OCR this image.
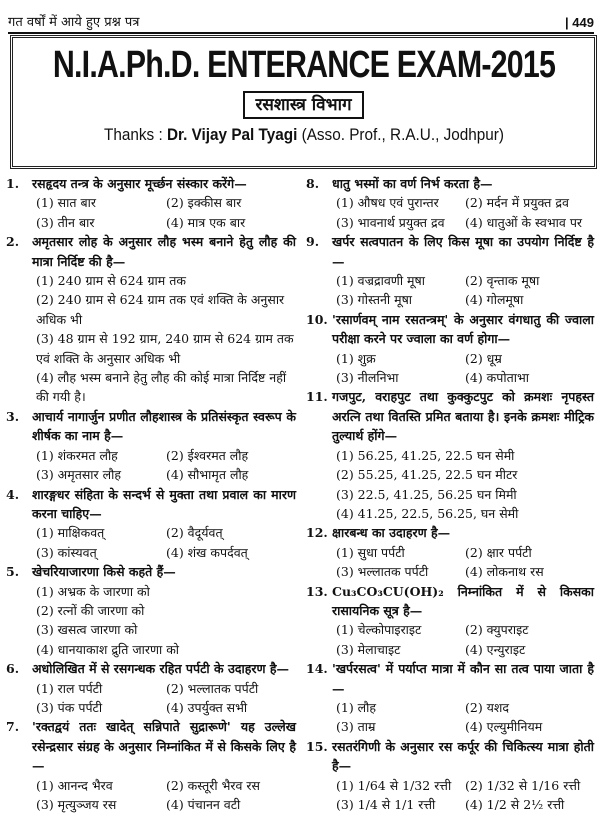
गत वर्षों में आये हुए प्रश्न पत्र	| 449
N.I.A.Ph.D. ENTERANCE EXAM-2015
रसशास्त्र विभाग
Thanks : Dr. Vijay Pal Tyagi (Asso. Prof., R.A.U., Jodhpur)
1.	रसहृदय तन्त्र के अनुसार मूर्च्छन संस्कार करेंगे—
(1) सात बार	(2) इक्कीस बार
(3) तीन बार	(4) मात्र एक बार
2.	अमृतसार लोह के अनुसार लौह भस्म बनाने हेतु लौह की मात्रा निर्दिष्ट की है—
(1) 240 ग्राम से 624 ग्राम तक
(2) 240 ग्राम से 624 ग्राम तक एवं शक्ति के अनुसार अधिक भी
(3) 48 ग्राम से 192 ग्राम, 240 ग्राम से 624 ग्राम तक एवं शक्ति के अनुसार अधिक भी
(4) लौह भस्म बनाने हेतु लौह की कोई मात्रा निर्दिष्ट नहीं की गयी है।
3.	आचार्य नागार्जुन प्रणीत लौहशास्त्र के प्रतिसंस्कृत स्वरूप के शीर्षक का नाम है—
(1) शंकरमत लौह	(2) ईश्वरमत लौह
(3) अमृतसार लौह	(4) सौभामृत लौह
4.	शारङ्गधर संहिता के सन्दर्भ से मुक्ता तथा प्रवाल का मारण करना चाहिए—
(1) माक्षिकवत्	(2) वैदूर्यवत्
(3) कांस्यवत्	(4) शंख कपर्दवत्
5.	खेचरियाजारणा किसे कहते हैं—
(1) अभ्रक के जारणा को
(2) रत्नों की जारणा को
(3) खसत्व जारणा को
(4) धानयाकाश द्रुति जारणा को
6.	अधोलिखित में से रसगन्धक रहित पर्पटी के उदाहरण है—
(1) राल पर्पटी	(2) भल्लातक पर्पटी
(3) पंक पर्पटी	(4) उपर्युक्त सभी
7.	'रक्तद्वयं ततः खादेत् सन्निपाते सुद्रारूणे' यह उल्लेख रसेन्द्रसार संग्रह के अनुसार निम्नांकित में से किसके लिए है—
(1) आनन्द भैरव	(2) कस्तूरी भैरव रस
(3) मृत्युञ्जय रस	(4) पंचानन वटी
8.	धातु भस्मों का वर्ण निर्भ करता है—
(1) औषध एवं पुरान्तर	(2) मर्दन में प्रयुक्त द्रव
(3) भावनार्थ प्रयुक्त द्रव	(4) धातुओं के स्वभाव पर
9.	खर्पर सत्वपातन के लिए किस मूषा का उपयोग निर्दिष्ट है—
(1) वज्रद्रावणी मूषा	(2) वृन्ताक मूषा
(3) गोस्तनी मूषा	(4) गोलमूषा
10. 'रसार्णवम् नाम रसतन्त्रम्' के अनुसार वंगधातु की ज्वाला परीक्षा करने पर ज्वाला का वर्ण होगा—
(1) शुक्र	(2) धूम्र
(3) नीलनिभा	(4) कपोताभा
11. गजपुट, वराहपुट तथा कुक्कुटपुट को क्रमशः नृपहस्त अरत्नि तथा वितस्ति प्रमित बताया है। इनके क्रमशः मीट्रिक तुल्यार्थ होंगे—
(1) 56.25, 41.25, 22.5 घन सेमी
(2) 55.25, 41.25, 22.5 घन मीटर
(3) 22.5, 41.25, 56.25 घन मिमी
(4) 41.25, 22.5, 56.25, घन सेमी
12. क्षारबन्ध का उदाहरण है—
(1) सुधा पर्पटी	(2) क्षार पर्पटी
(3) भल्लातक पर्पटी	(4) लोकनाथ रस
13. Cu₃CO₃CU(OH)₂ निम्नांकित में से किसका रासायनिक सूत्र है—
(1) चेल्कोपाइराइट	(2) क्युपराइट
(3) मेलाचाइट	(4) एन्युराइट
14. 'खर्परसत्व' में पर्याप्त मात्रा में कौन सा तत्व पाया जाता है—
(1) लौह	(2) यशद
(3) ताम्र	(4) एल्युमीनियम
15. रसतरंगिणी के अनुसार रस कर्पूर की चिकित्स्य मात्रा होती है—
(1) 1/64 से 1/32 रत्ती	(2) 1/32 से 1/16 रत्ती
(3) 1/4 से 1/1 रत्ती	(4) 1/2 से 2½ रत्ती
